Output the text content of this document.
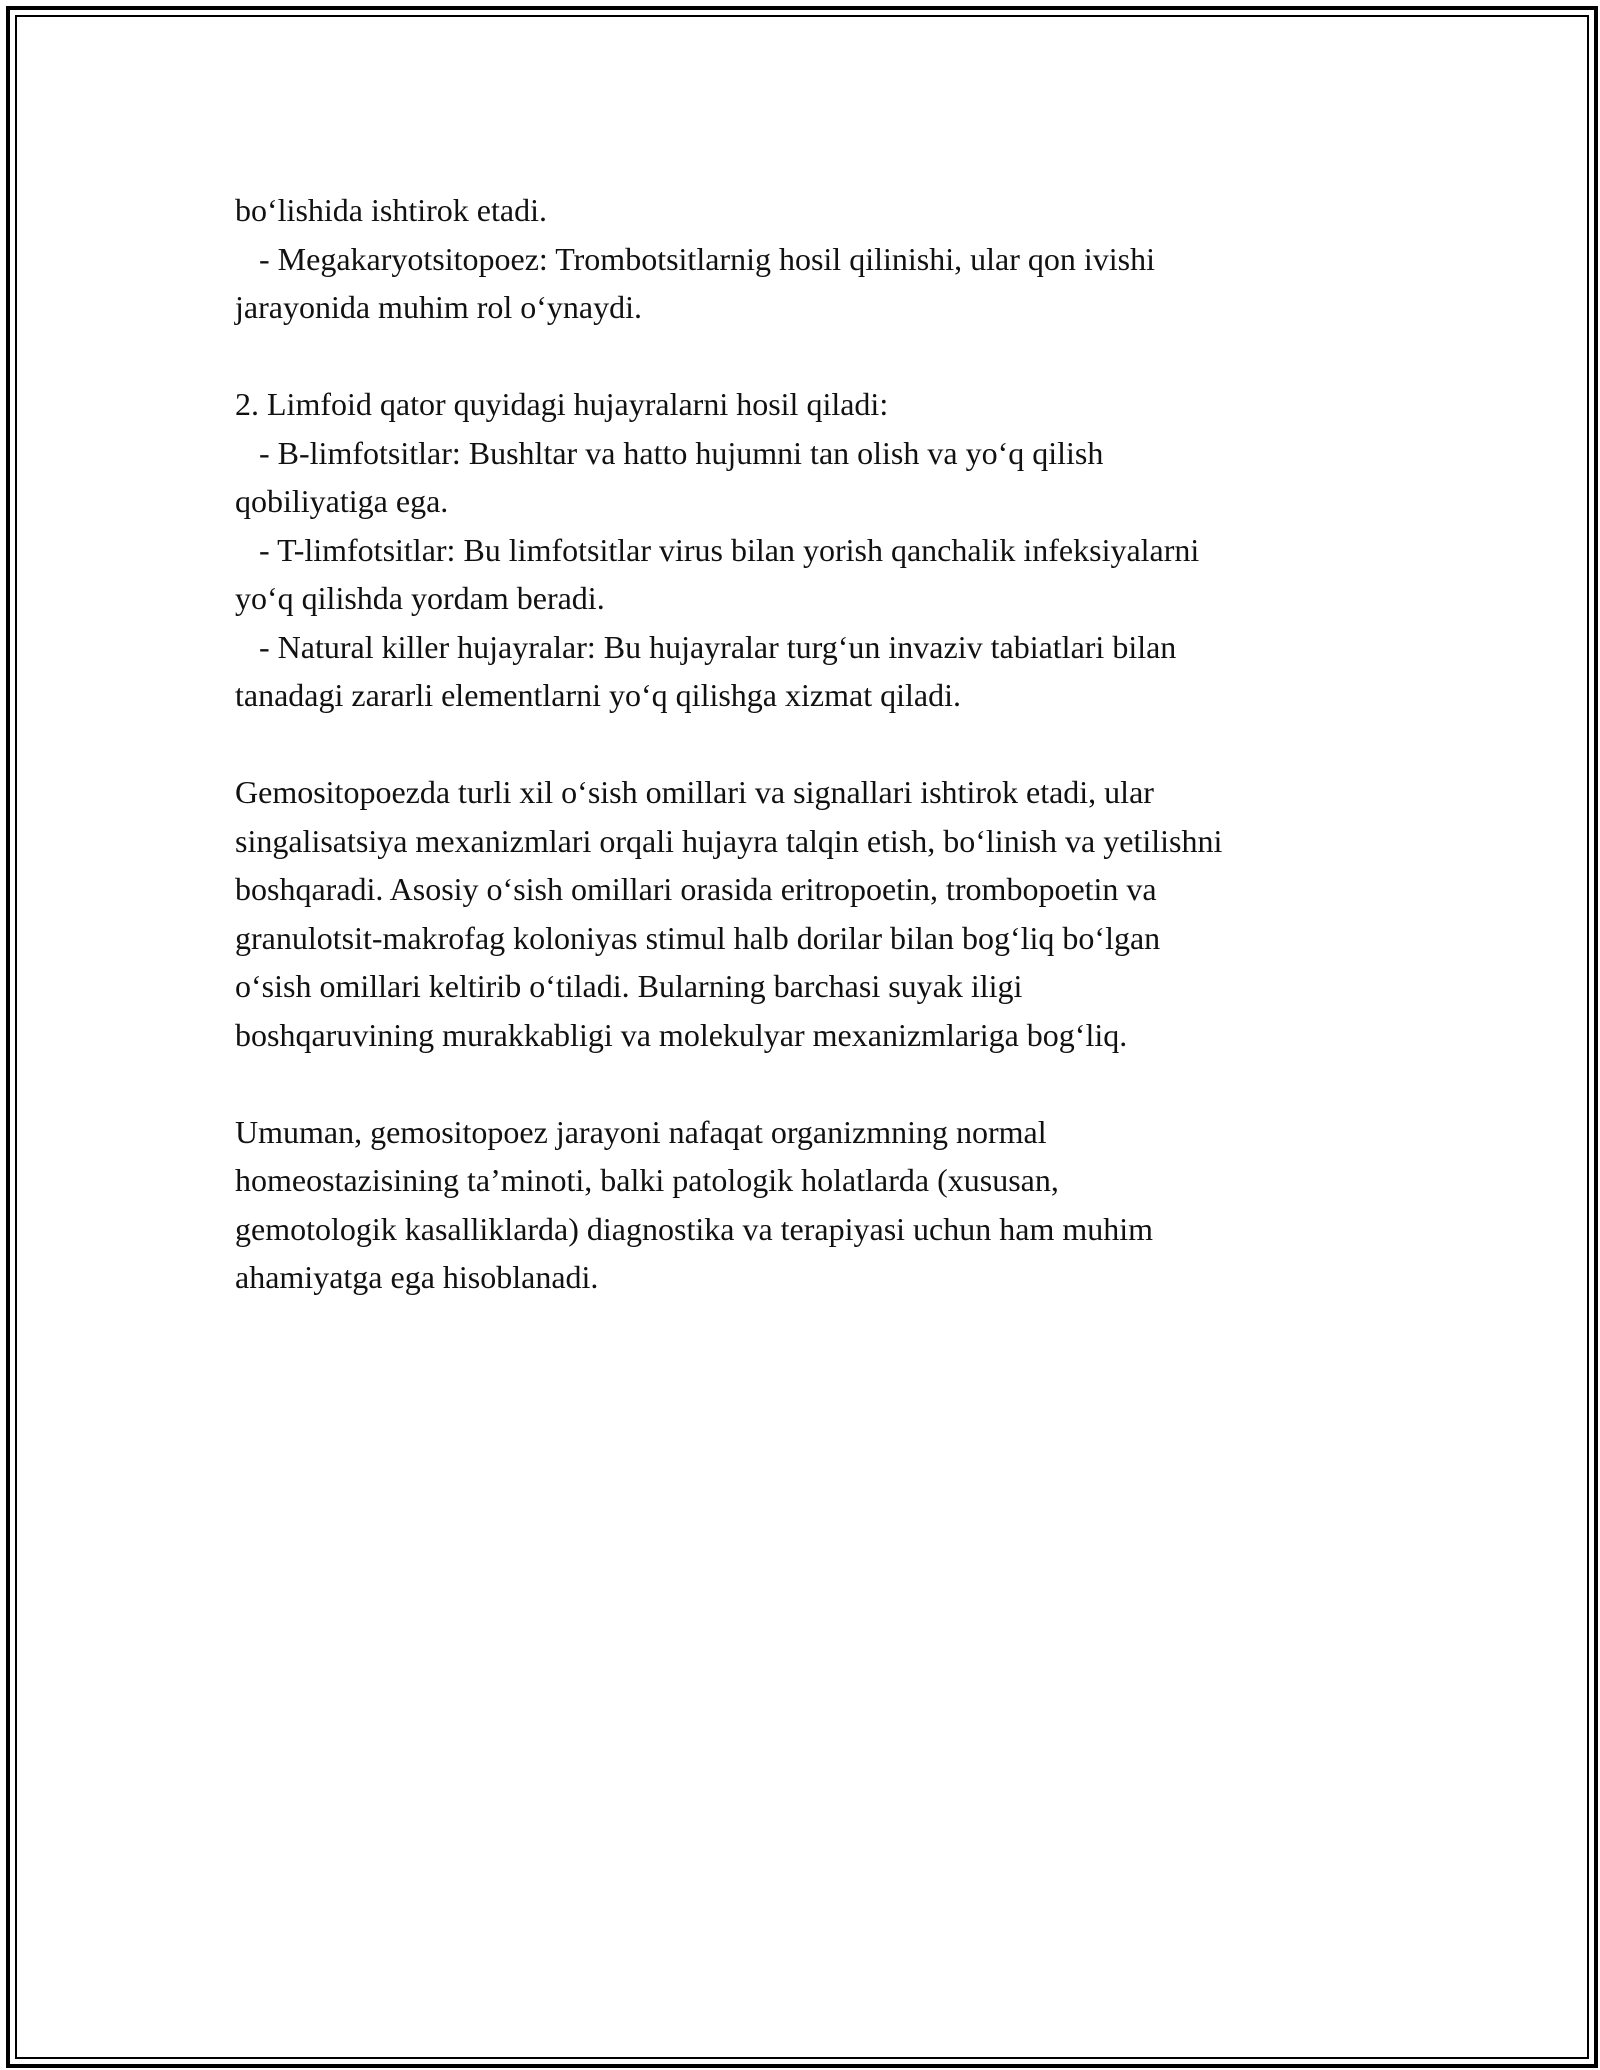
bo‘lishida ishtirok etadi.
- Megakaryotsitopoez: Trombotsitlarnig hosil qilinishi, ular qon ivishi
jarayonida muhim rol o‘ynaydi.
2. Limfoid qator quyidagi hujayralarni hosil qiladi:
- B-limfotsitlar: Bushltar va hatto hujumni tan olish va yo‘q qilish
qobiliyatiga ega.
- T-limfotsitlar: Bu limfotsitlar virus bilan yorish qanchalik infeksiyalarni
yo‘q qilishda yordam beradi.
- Natural killer hujayralar: Bu hujayralar turg‘un invaziv tabiatlari bilan
tanadagi zararli elementlarni yo‘q qilishga xizmat qiladi.
Gemositopoezda turli xil o‘sish omillari va signallari ishtirok etadi, ular
singalisatsiya mexanizmlari orqali hujayra talqin etish, bo‘linish va yetilishni
boshqaradi. Asosiy o‘sish omillari orasida eritropoetin, trombopoetin va
granulotsit-makrofag koloniyas stimul halb dorilar bilan bog‘liq bo‘lgan
o‘sish omillari keltirib o‘tiladi. Bularning barchasi suyak iligi
boshqaruvining murakkabligi va molekulyar mexanizmlariga bog‘liq.
Umuman, gemositopoez jarayoni nafaqat organizmning normal
homeostazisining ta’minoti, balki patologik holatlarda (xususan,
gemotologik kasalliklarda) diagnostika va terapiyasi uchun ham muhim
ahamiyatga ega hisoblanadi.
